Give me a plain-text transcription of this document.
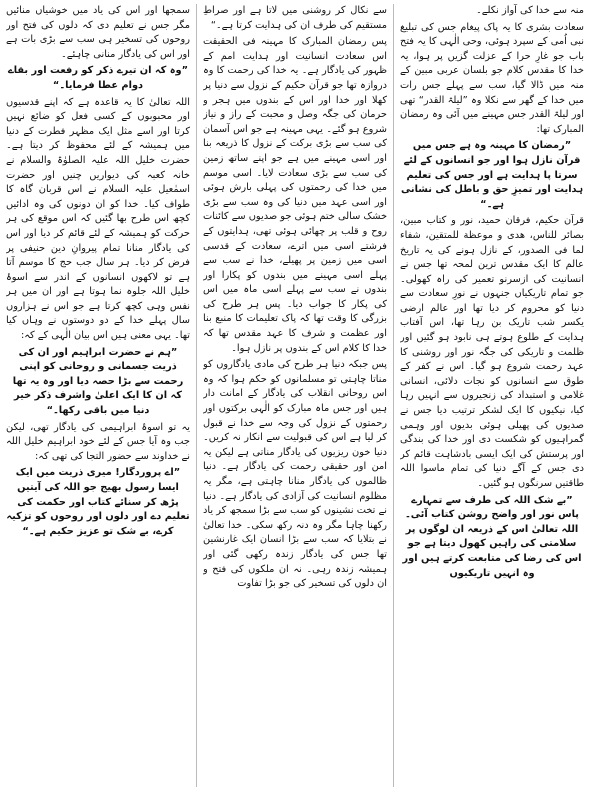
منہ سے خدا کی آواز نکلے۔

سعادت بشری کا یہ پاک پیغام جس کی تبلیغ نبی اُمی کے سپرد ہوئی، وحی الٰہی کا یہ فتح باب جو غارِ حرا کے عزلت گزیں پر ہوا، یہ خدا کا مقدس کلام جو بلسان عربی مبین کے منہ میں ڈالا گیا، سب سے پہلے جس رات میں خدا کے گھر سے نکلا وہ ”لیلۃ القدر“ تھی اور لیلۃ القدر جس مہینے میں آئی وہ رمضان المبارک تھا:

”رمضان کا مہینہ وہ ہے جس میں قرآن نازل ہوا اور جو انسانوں کے لئے سرتا پا ہدایت ہے اور جس کی تعلیم ہدایت اور تمیزِ حق و باطل کی نشانی ہے۔“

قرآن حکیم، فرقان حمید، نور و کتاب مبین، بصائر للناس، هدی و موعظة للمتقین، شفاء لما فی الصدور، کے نازل ہونے کی یہ تاریخ عالم کا ایک مقدس ترین لمحہ تھا جس نے انسانیت کی ازسرنو تعمیر کی راہ کھولی۔ جو تمام تاریکیاں جنہوں نے نورِ سعادت سے دنیا کو محروم کر دیا تھا اور عالم ارضی یکسر شب تاریک بن رہا تھا، اس آفتاب ہدایت کے طلوع ہوتے ہی نابود ہو گئیں اور ظلمت و تاریکی کی جگہ نور اور روشنی کا عہد رحمت شروع ہو گیا۔ اس نے کفر کے طوق سے انسانوں کو نجات دلائی، انسانی غلامی و استبداد کی زنجیروں سے انہیں رہا کیا، نیکیوں کا ایک لشکر ترتیب دیا جس نے صدیوں کی پھیلی ہوئی بدیوں اور وہمی گمراہیوں کو شکست دی اور خدا کی بندگی اور پرستش کی ایک ایسی بادشاہت قائم کر دی جس کے آگے دنیا کی تمام ماسوا اللہ طاقتیں سرنگوں ہو گئیں۔

”بے شک اللہ کی طرف سے تمہارے پاس نور اور واضح روشن کتاب آئی۔ اللہ تعالیٰ اس کے ذریعہ ان لوگوں پر سلامتی کی راہیں کھول دیتا ہے جو اس کی رضا کی متابعت کرتے ہیں اور وہ انہیں تاریکیوں

سے نکال کر روشنی میں لاتا ہے اور صراطِ مستقیم کی طرف ان کی ہدایت کرتا ہے۔“

پس رمضان المبارک کا مہینہ فی الحقیقت اس سعادت انسانیت اور ہدایت امم کے ظہور کی یادگار ہے۔ یہ خدا کی رحمت کا وہ دروازہ تھا جو قرآن حکیم کے نزول سے دنیا پر کھلا اور خدا اور اس کے بندوں میں ہجر و حرمان کی جگہ وصل و محبت کے راز و نیاز شروع ہو گئے۔ یہی مہینہ ہے جو اس آسمان کی سب سے بڑی برکت کے نزول کا ذریعہ بنا اور اسی مہینے میں ہے جو اپنے ساتھ زمین کی سب سے بڑی سعادت لایا۔ اسی موسم میں خدا کی رحمتوں کی پہلی بارش ہوئی اور اسی عہد میں دنیا کی وہ سب سے بڑی خشک سالی ختم ہوئی جو صدیوں سے کائنات روح و قلب پر چھائی ہوئی تھی، ہدایتوں کے فرشتے اسی میں اترے، سعادت کے قدسی اسی میں زمین پر پھیلے، خدا نے سب سے پہلے اسی مہینے میں بندوں کو پکارا اور بندوں نے سب سے پہلے اسی ماہ میں اس کی پکار کا جواب دیا۔ پس ہر طرح کی بزرگی کا وقت تھا کہ پاک تعلیمات کا منبع بنا اور عظمت و شرف کا عہد مقدس تھا کہ خدا کا کلام اس کے بندوں پر نازل ہوا۔

پس جبکہ دنیا ہر طرح کی مادی یادگاروں کو مناتا چاہتی تو مسلمانوں کو حکم ہوا کہ وہ اس روحانی انقلاب کی یادگار کے امانت دار ہیں اور جس ماہ مبارک کو الٰہی برکتوں اور رحمتوں کے نزول کی وجہ سے خدا نے قبول کر لیا ہے اس کی قبولیت سے انکار نہ کریں۔ دنیا خون ریزیوں کی یادگار مناتی ہے لیکن یہ امن اور حقیقی رحمت کی یادگار ہے۔ دنیا ظالموں کی یادگار منانا چاہتی ہے، مگر یہ مظلوم انسانیت کی آزادی کی یادگار ہے۔ دنیا نے تخت نشینوں کو سب سے بڑا سمجھ کر یاد رکھنا چاہا مگر وہ دنہ رکھ سکی۔ خدا تعالیٰ نے بتلایا کہ سب سے بڑا انسان ایک غارنشین تھا جس کی یادگار زندہ رکھی گئی اور ہمیشہ زندہ رہی۔ نہ ان ملکوں کی فتح و ان دلوں کی تسخیر کی جو بڑا تفاوت

سمجھا اور اس کی یاد میں خوشیاں منائیں مگر جس نے تعلیم دی کہ دلوں کی فتح اور روحوں کی تسخیر ہی سب سے بڑی بات ہے اور اس کی یادگار منانی چاہئے۔

”وہ کہ ان تیرے ذکر کو رفعت اور بقاے دوام عطا فرمایا۔“

اللہ تعالیٰ کا یہ قاعدہ ہے کہ اپنے قدسیوں اور محبوبوں کے کسی فعل کو ضائع نہیں کرتا اور اسے مثل ایک مظہر فطرت کے دنیا میں ہمیشہ کے لئے محفوظ کر دیتا ہے۔ حضرت خلیل اللہ علیہ الصلوٰۃ والسلام نے خانہ کعبہ کی دیواریں چنیں اور حضرت اسمٰعیل علیہ السلام نے اس قربان گاہ کا طواف کیا۔ خدا کو ان دونوں کی وہ ادائیں کچھ اس طرح بھا گئیں کہ اس موقع کی ہر حرکت کو ہمیشہ کے لئے قائم کر دیا اور اس کی یادگار منانا تمام پیروانِ دین حنیفی پر فرض کر دیا۔ ہر سال جب حج کا موسم آتا ہے تو لاکھوں انسانوں کے اندر سے اسوۂ خلیل اللہ جلوہ نما ہوتا ہے اور ان میں ہر نفس وہی کچھ کرتا ہے جو اس نے ہزاروں سال پہلے خدا کے دو دوستوں نے وہاں کیا تھا۔ یہی معنی ہیں اس بیان الٰہی کے کہ:

”ہم نے حضرت ابراہیم اور ان کی ذریت جسمانی و روحانی کو اپنی رحمت سے بڑا حصہ دیا اور وہ یہ تھا کہ ان کا ایک اعلیٰ واشرف ذکر خیر دنیا میں باقی رکھا۔“

یہ تو اسوۂ ابراہیمی کی یادگار تھی، لیکن جب وہ آیا جس کے لئے خود ابراہیم خلیل اللہ نے خداوند سے حضور التجا کی تھی کہ:

”اے پروردگار! میری ذریت میں ایک ایسا رسول بھیج جو اللہ کی آیتیں پڑھ کر سنائے کتاب اور حکمت کی تعلیم دے اور دلوں اور روحوں کو تزکیہ کرے، بے شک تو عزیز حکیم ہے۔“
